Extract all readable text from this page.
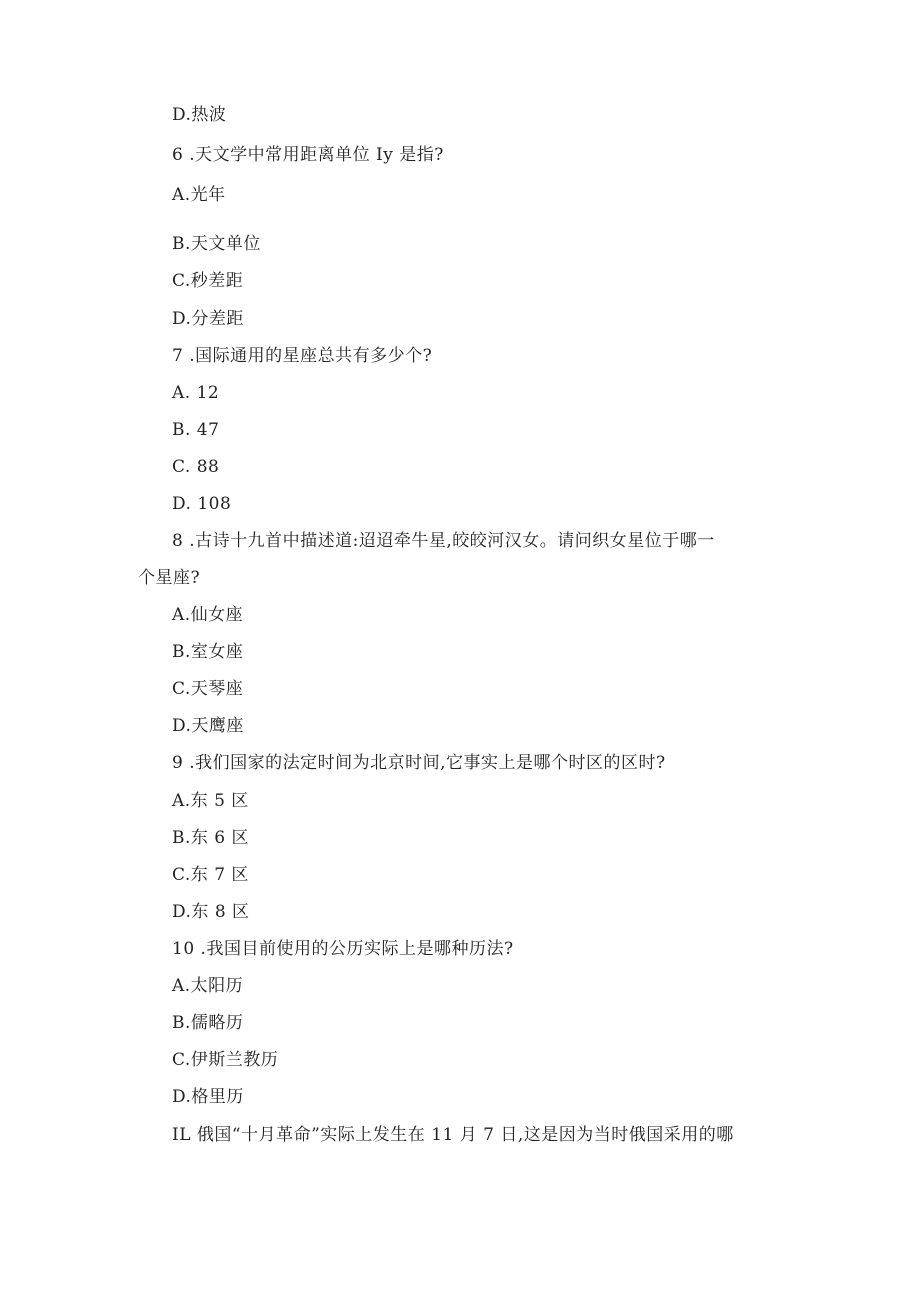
D.热波
6 .天文学中常用距离单位 Iy 是指?
A.光年
B.天文单位
C.秒差距
D.分差距
7 .国际通用的星座总共有多少个?
A. 12
B. 47
C. 88
D. 108
8 .古诗十九首中描述道:迢迢牵牛星,皎皎河汉女。请问织女星位于哪一
个星座?
A.仙女座
B.室女座
C.天琴座
D.天鹰座
9 .我们国家的法定时间为北京时间,它事实上是哪个时区的区时?
A.东 5 区
B.东 6 区
C.东 7 区
D.东 8 区
10 .我国目前使用的公历实际上是哪种历法?
A.太阳历
B.儒略历
C.伊斯兰教历
D.格里历
IL 俄国“十月革命”实际上发生在 11 月 7 日,这是因为当时俄国采用的哪
